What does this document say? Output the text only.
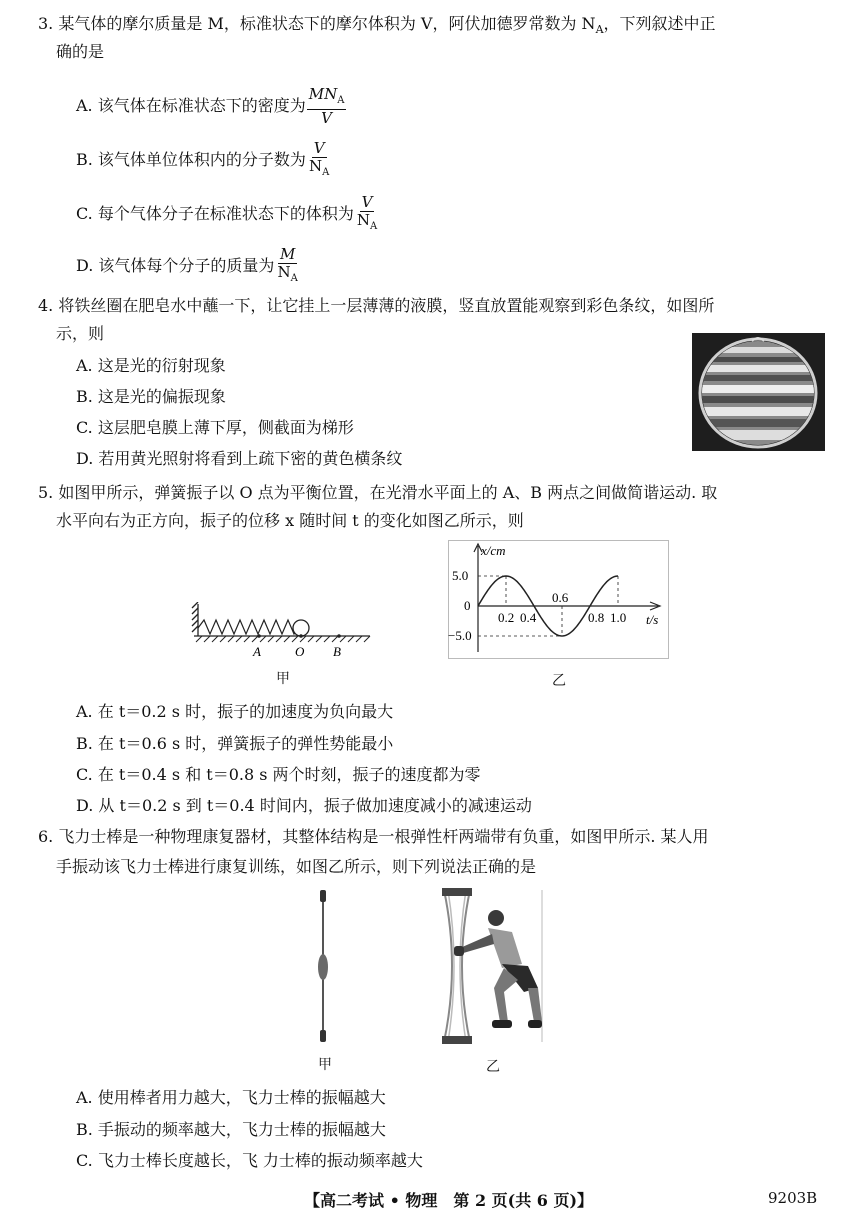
3. 某气体的摩尔质量是 M，标准状态下的摩尔体积为 V，阿伏加德罗常数为 $N_A$，下列叙述中正
确的是
A. 该气体在标准状态下的密度为 $\frac{MN_A}{V}$
B. 该气体单位体积内的分子数为 $\frac{V}{N_A}$
C. 每个气体分子在标准状态下的体积为 $\frac{V}{N_A}$
D. 该气体每个分子的质量为 $\frac{M}{N_A}$
4. 将铁丝圈在肥皂水中蘸一下，让它挂上一层薄薄的液膜，竖直放置能观察到彩色条纹，如图所
示，则
A. 这是光的衍射现象
B. 这是光的偏振现象
C. 这层肥皂膜上薄下厚，侧截面为梯形
D. 若用黄光照射将看到上疏下密的黄色横条纹
5. 如图甲所示，弹簧振子以 O 点为平衡位置，在光滑水平面上的 A、B 两点之间做简谐运动. 取
水平向右为正方向，振子的位移 x 随时间 t 的变化如图乙所示，则
A	O B
甲
x/cm
5.0
0
−5.0
0.2 0.4
0.6
0.8 1.0 t/s
乙
A. 在 t＝0.2 s 时，振子的加速度为负向最大
B. 在 t＝0.6 s 时，弹簧振子的弹性势能最小
C. 在 t＝0.4 s 和 t＝0.8 s 两个时刻，振子的速度都为零
D. 从 t＝0.2 s 到 t＝0.4 时间内，振子做加速度减小的减速运动
6. 飞力士棒是一种物理康复器材，其整体结构是一根弹性杆两端带有负重，如图甲所示. 某人用
手振动该飞力士棒进行康复训练，如图乙所示，则下列说法正确的是
甲	乙
A. 使用棒者用力越大，飞力士棒的振幅越大
B. 手振动的频率越大，飞力士棒的振幅越大
C. 飞力士棒长度越长，飞 力士棒的振动频率越大
【高二考试 • 物理　第 2 页(共 6 页)】	9203B
